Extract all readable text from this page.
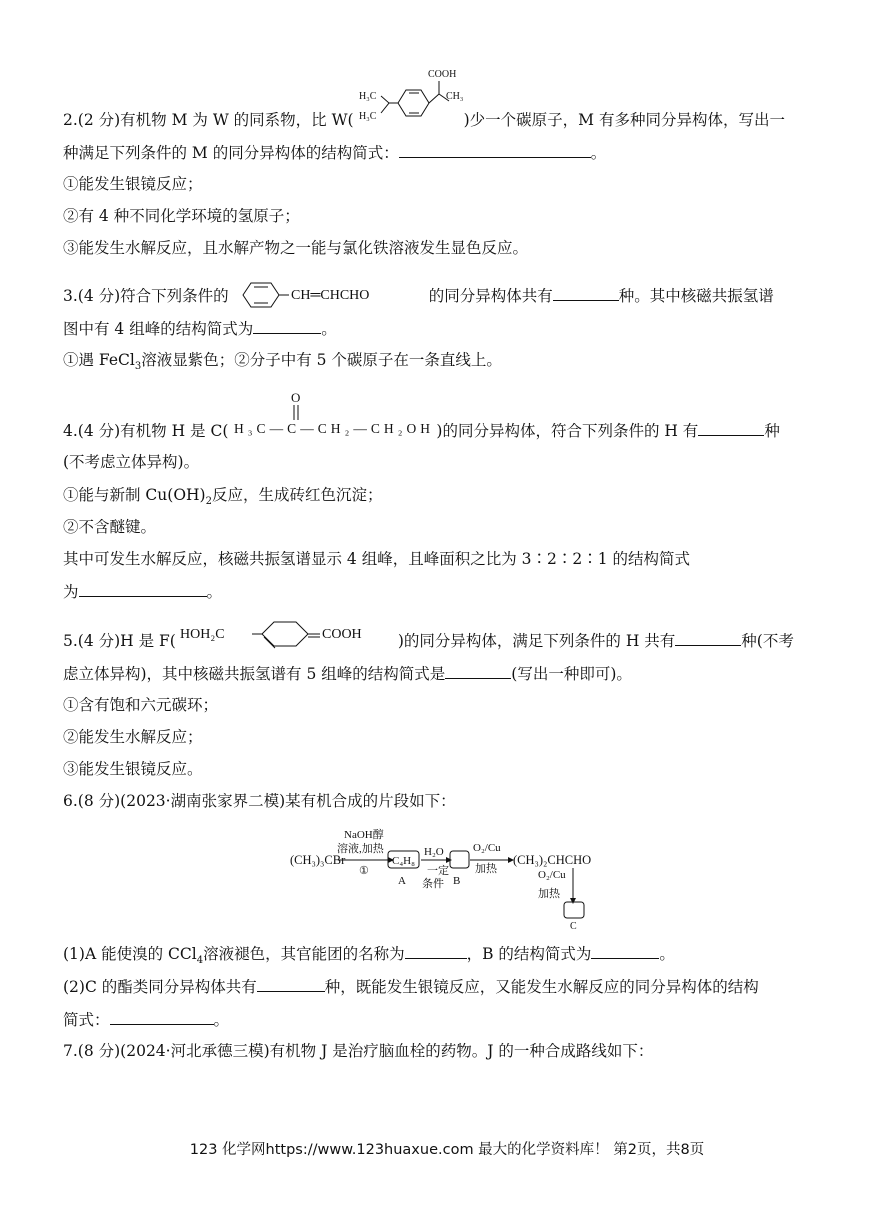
2.(2 分)有机物 M 为 W 的同系物，比 W(
H₃C
H₃C
COOH
CH₃
)少一个碳原子，M 有多种同分异构体，写出一
种满足下列条件的 M 的同分异构体的结构简式：	。
①能发生银镜反应；
②有 4 种不同化学环境的氢原子；
③能发生水解反应，且水解产物之一能与氯化铁溶液发生显色反应。
3.(4 分)符合下列条件的	CH═CHCHO	的同分异构体共有	种。其中核磁共振氢谱
图中有 4 组峰的结构简式为	。
①遇 FeCl$_3$溶液显紫色；②分子中有 5 个碳原子在一条直线上。
4.(4 分)有机物 H 是 C(
O
H₃C—C—CH₂—CH₂OH )的同分异构体，符合下列条件的 H 有	种
(不考虑立体异构)。
①能与新制 $Cu(OH)_2$反应，生成砖红色沉淀；
②不含醚键。
其中可发生水解反应，核磁共振氢谱显示 4 组峰，且峰面积之比为 3∶2∶2∶1 的结构简式
为	。
5.(4 分)H 是 F( HOH₂C	COOH )的同分异构体，满足下列条件的 H 共有	种(不考
虑立体异构)，其中核磁共振氢谱有 5 组峰的结构简式是	(写出一种即可)。
①含有饱和六元碳环；
②能发生水解反应；
③能发生银镜反应。
6.(8 分)(2023·湖南张家界二模)某有机合成的片段如下：
(CH₃)₃CBr
NaOH醇
溶液,加热
①
C₄H₈
A
H₂O
一定
条件 B
O₂/Cu
加热
(CH₃)₂CHCHO
O₂/Cu
加热
C
(1)A 能使溴的 CCl$_4$溶液褪色，其官能团的名称为	，B 的结构简式为	。
(2)C 的酯类同分异构体共有	种，既能发生银镜反应，又能发生水解反应的同分异构体的结构
简式：	。
7.(8 分)(2024·河北承德三模)有机物 J 是治疗脑血栓的药物。J 的一种合成路线如下：
123 化学网https://www.123huaxue.com 最大的化学资料库！ 第2页，共8页
